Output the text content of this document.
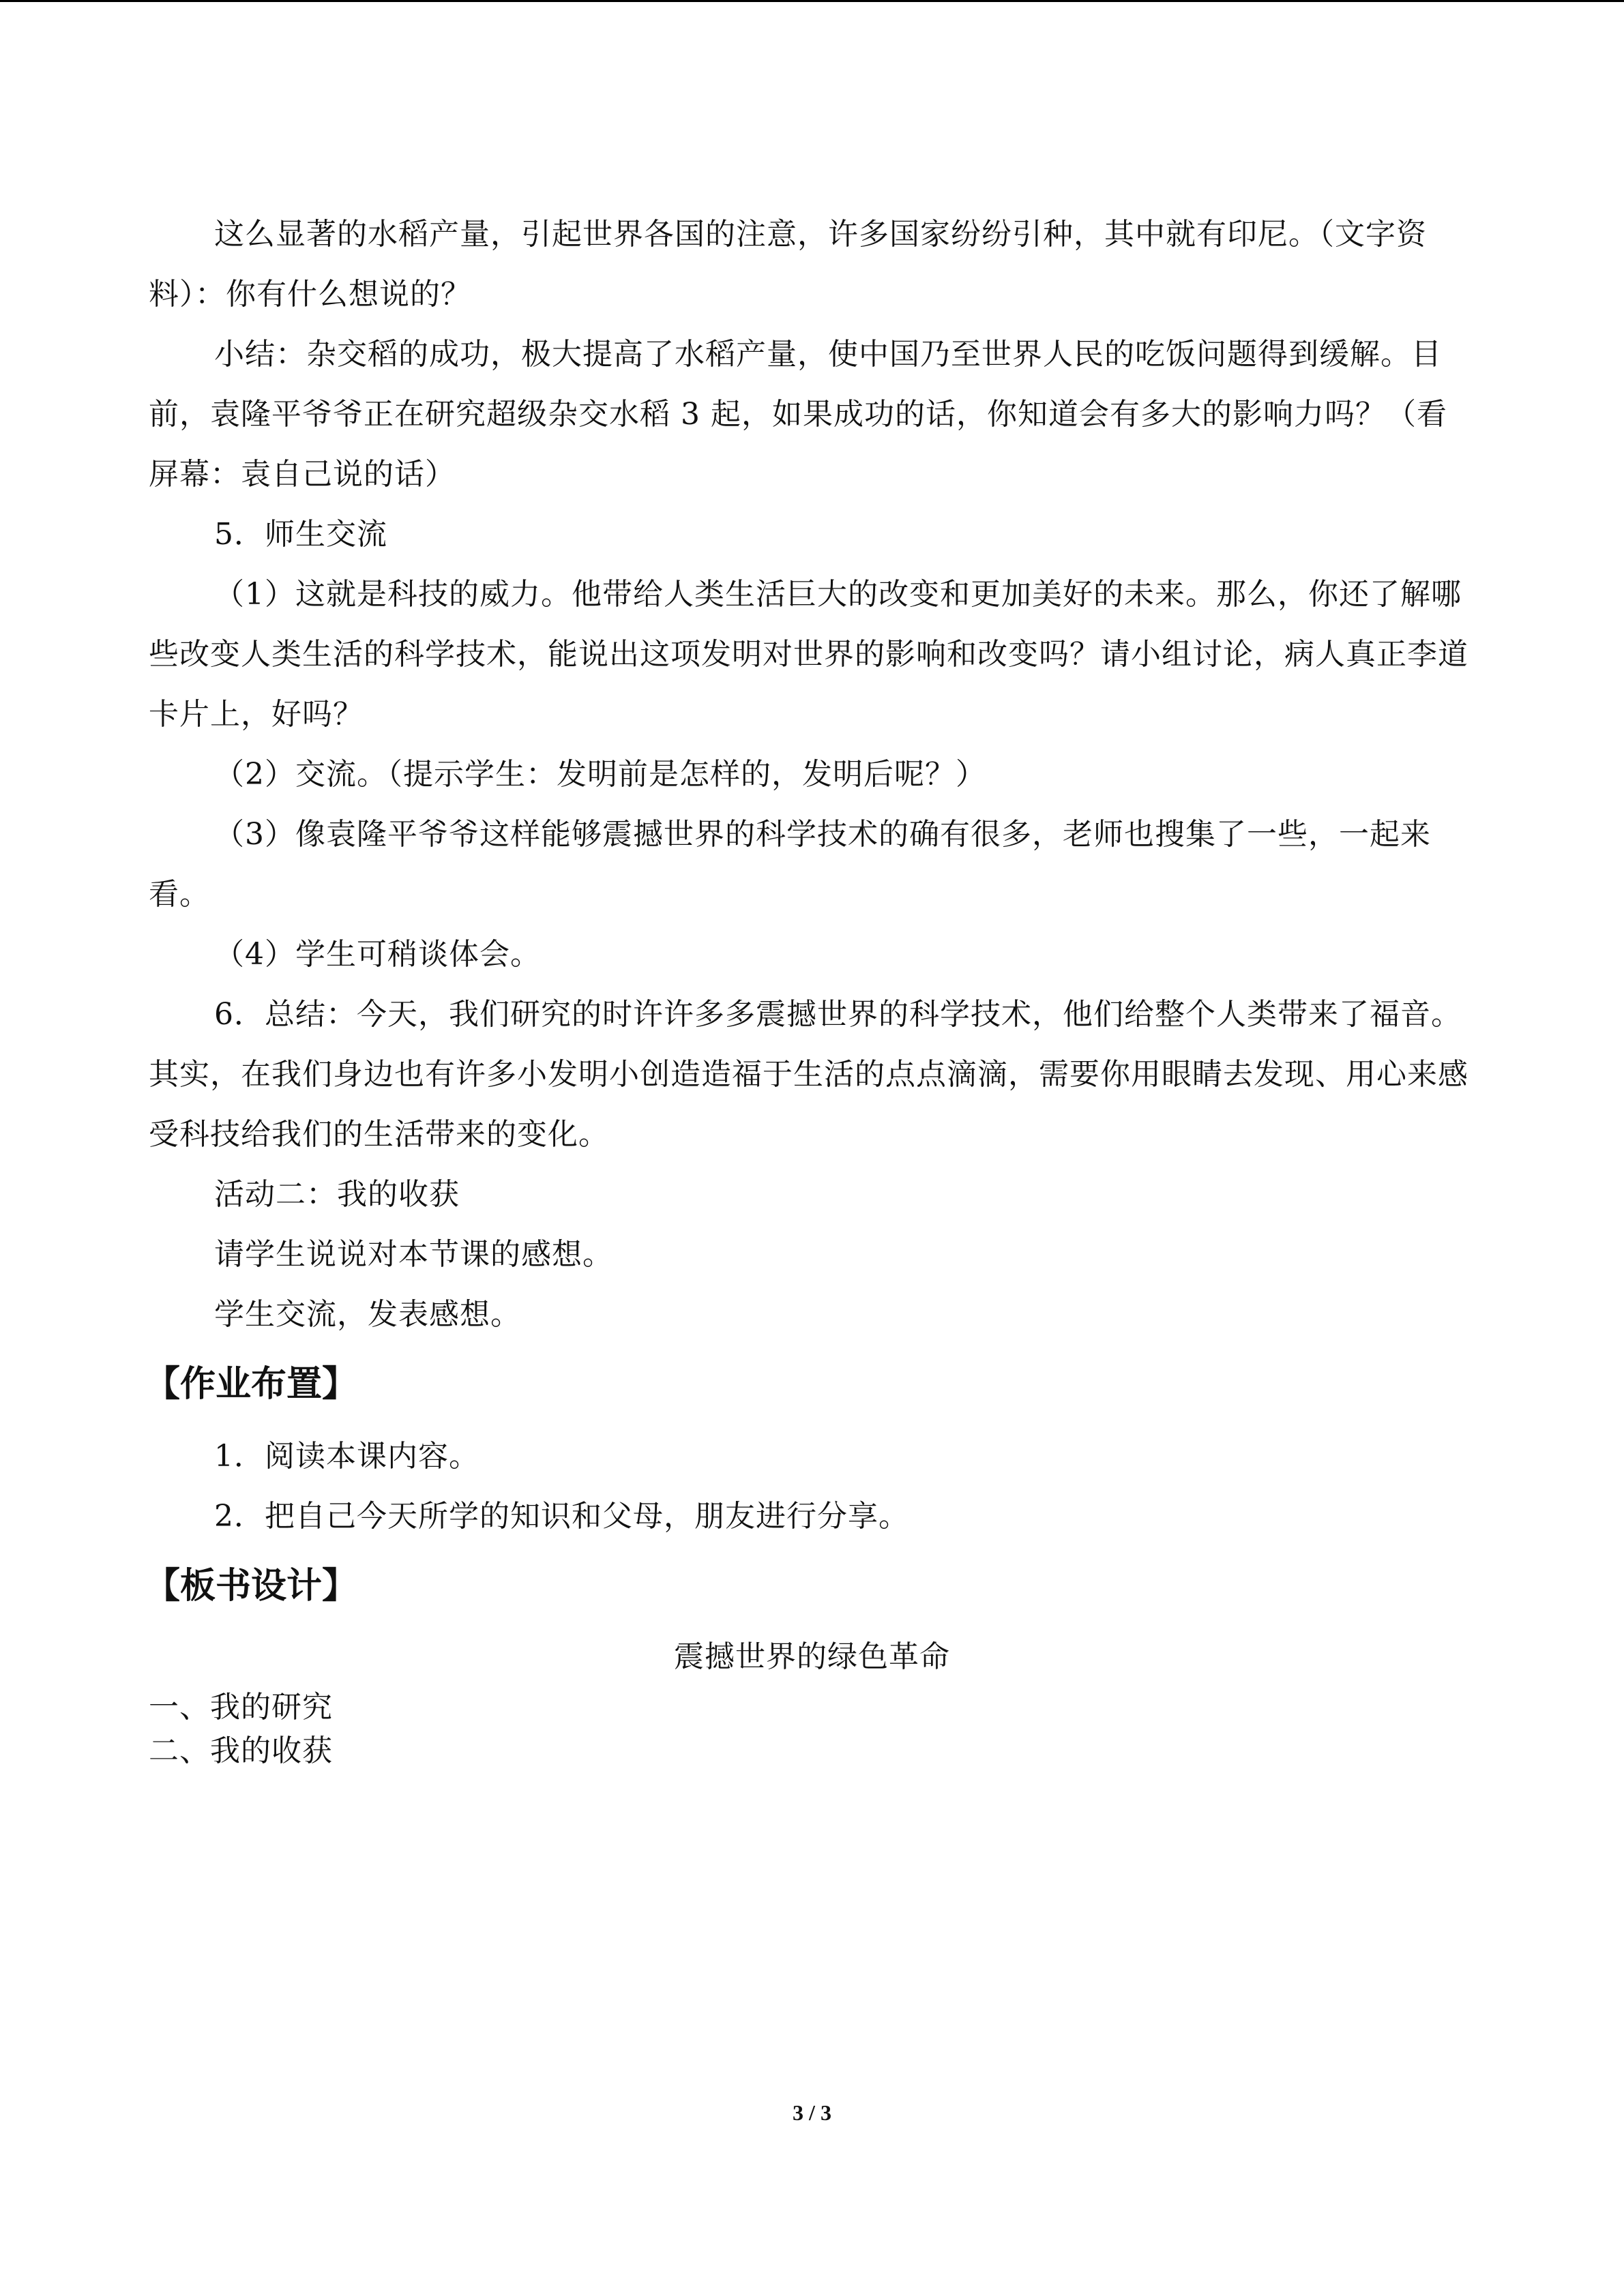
这么显著的水稻产量，引起世界各国的注意，许多国家纷纷引种，其中就有印尼。（文字资料）：你有什么想说的？

小结：杂交稻的成功，极大提高了水稻产量，使中国乃至世界人民的吃饭问题得到缓解。目前，袁隆平爷爷正在研究超级杂交水稻 3 起，如果成功的话，你知道会有多大的影响力吗？（看屏幕：袁自己说的话）

5．师生交流

（1）这就是科技的威力。他带给人类生活巨大的改变和更加美好的未来。那么，你还了解哪些改变人类生活的科学技术，能说出这项发明对世界的影响和改变吗？请小组讨论，病人真正李道卡片上，好吗？

（2）交流。（提示学生：发明前是怎样的，发明后呢？）

（3）像袁隆平爷爷这样能够震撼世界的科学技术的确有很多，老师也搜集了一些，一起来看。

（4）学生可稍谈体会。

6．总结：今天，我们研究的时许许多多震撼世界的科学技术，他们给整个人类带来了福音。其实，在我们身边也有许多小发明小创造造福于生活的点点滴滴，需要你用眼睛去发现、用心来感受科技给我们的生活带来的变化。

活动二：我的收获

请学生说说对本节课的感想。

学生交流，发表感想。

【作业布置】

1．阅读本课内容。

2．把自己今天所学的知识和父母，朋友进行分享。

【板书设计】

震撼世界的绿色革命

一、我的研究

二、我的收获

3 / 3
